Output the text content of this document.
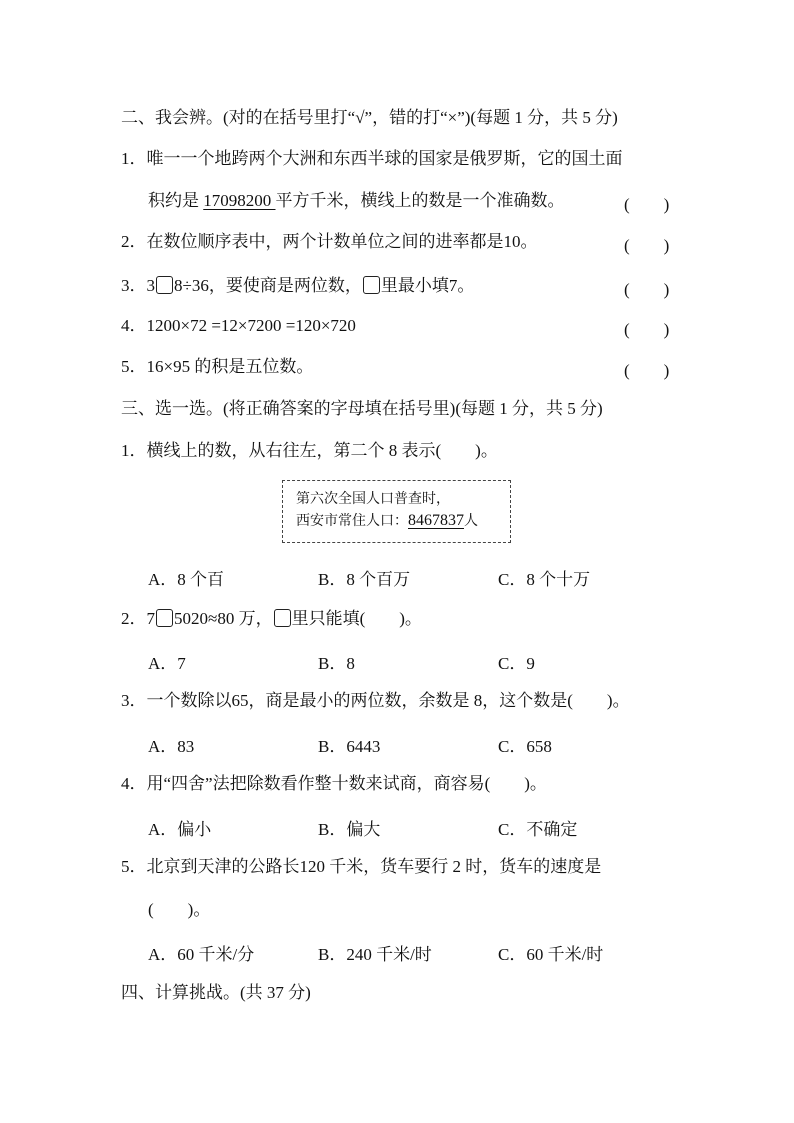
二、我会辨。(对的在括号里打“√”，错的打“×”)(每题 1 分，共 5 分)
1．唯一一个地跨两个大洲和东西半球的国家是俄罗斯，它的国土面
积约是 17098200 平方千米，横线上的数是一个准确数。	(　　)
2．在数位顺序表中，两个计数单位之间的进率都是10。	(　　)
3．3 8÷36，要使商是两位数， 里最小填7。	(　　)
4．1200×72 =12×7200 =120×720	(　　)
5．16×95 的积是五位数。	(　　)
三、选一选。(将正确答案的字母填在括号里)(每题 1 分，共 5 分)
1．横线上的数，从右往左，第二个 8 表示(　　)。
第六次全国人口普查时，
西安市常住人口：8467837人
A．8 个百	B．8 个百万	C．8 个十万
2．7 5020≈80 万， 里只能填(　　)。
A．7	B．8	C．9
3．一个数除以65，商是最小的两位数，余数是 8，这个数是(　　)。
A．83	B．6443	C．658
4．用“四舍”法把除数看作整十数来试商，商容易(　　)。
A．偏小	B．偏大	C．不确定
5．北京到天津的公路长120 千米，货车要行 2 时，货车的速度是
(　　)。
A．60 千米/分	B．240 千米/时	C．60 千米/时
四、计算挑战。(共 37 分)
